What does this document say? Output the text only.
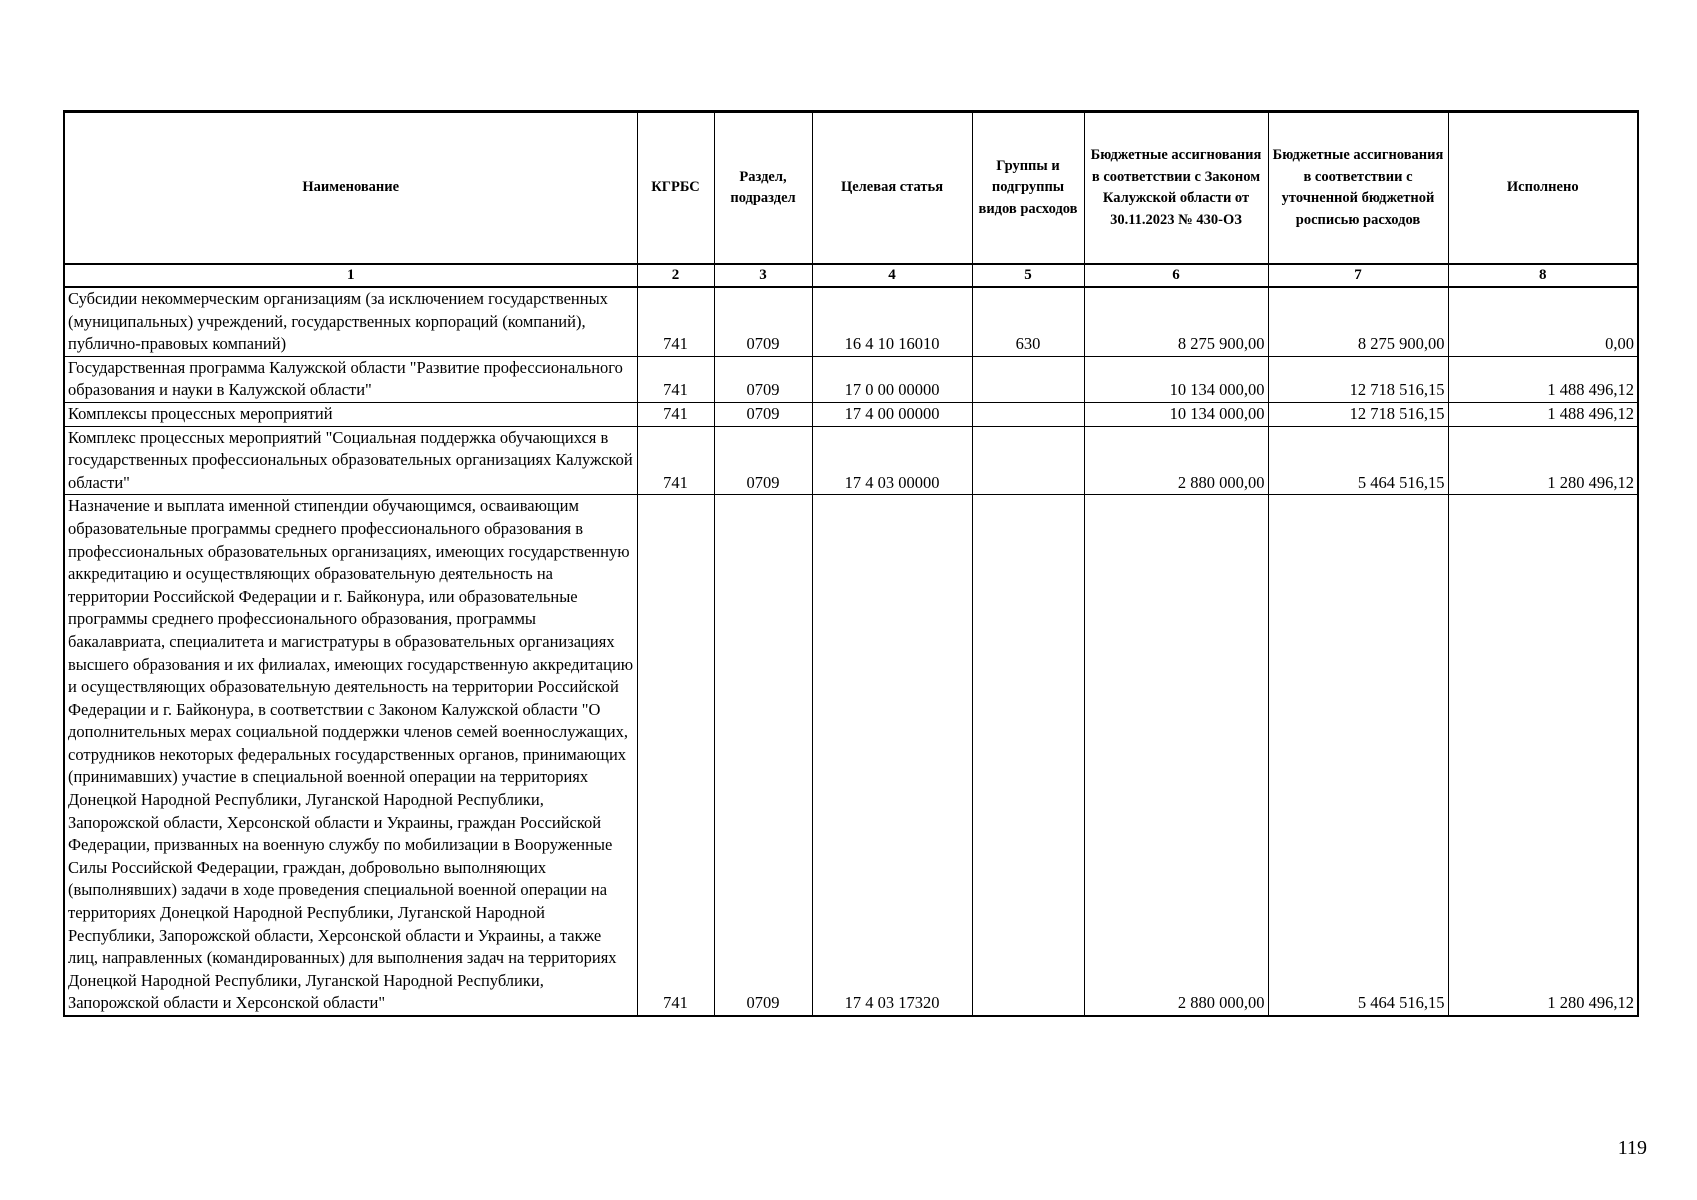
Наименование	КГРБС	Раздел, подраздел	Целевая статья	Группы и подгруппы видов расходов	Бюджетные ассигнования в соответствии с Законом Калужской области от 30.11.2023 № 430-ОЗ	Бюджетные ассигнования в соответствии с уточненной бюджетной росписью расходов	Исполнено
1	2	3	4	5	6	7	8
Субсидии некоммерческим организациям (за исключением государственных (муниципальных) учреждений, государственных корпораций (компаний), публично-правовых компаний)	741	0709	16 4 10 16010	630	8 275 900,00	8 275 900,00	0,00
Государственная программа Калужской области "Развитие профессионального образования и науки в Калужской области"	741	0709	17 0 00 00000		10 134 000,00	12 718 516,15	1 488 496,12
Комплексы процессных мероприятий	741	0709	17 4 00 00000		10 134 000,00	12 718 516,15	1 488 496,12
Комплекс процессных мероприятий "Социальная поддержка обучающихся в государственных профессиональных образовательных организациях Калужской области"	741	0709	17 4 03 00000		2 880 000,00	5 464 516,15	1 280 496,12
Назначение и выплата именной стипендии обучающимся, осваивающим образовательные программы среднего профессионального образования в профессиональных образовательных организациях, имеющих государственную аккредитацию и осуществляющих образовательную деятельность на территории Российской Федерации и г. Байконура, или образовательные программы среднего профессионального образования, программы бакалавриата, специалитета и магистратуры в образовательных организациях высшего образования и их филиалах, имеющих государственную аккредитацию и осуществляющих образовательную деятельность на территории Российской Федерации и г. Байконура, в соответствии с Законом Калужской области "О дополнительных мерах социальной поддержки членов семей военнослужащих, сотрудников некоторых федеральных государственных органов, принимающих (принимавших) участие в специальной военной операции на территориях Донецкой Народной Республики, Луганской Народной Республики, Запорожской области, Херсонской области и Украины, граждан Российской Федерации, призванных на военную службу по мобилизации в Вооруженные Силы Российской Федерации, граждан, добровольно выполняющих (выполнявших) задачи в ходе проведения специальной военной операции на территориях Донецкой Народной Республики, Луганской Народной Республики, Запорожской области, Херсонской области и Украины, а также лиц, направленных (командированных) для выполнения задач на территориях Донецкой Народной Республики, Луганской Народной Республики, Запорожской области и Херсонской области"	741	0709	17 4 03 17320		2 880 000,00	5 464 516,15	1 280 496,12
119
